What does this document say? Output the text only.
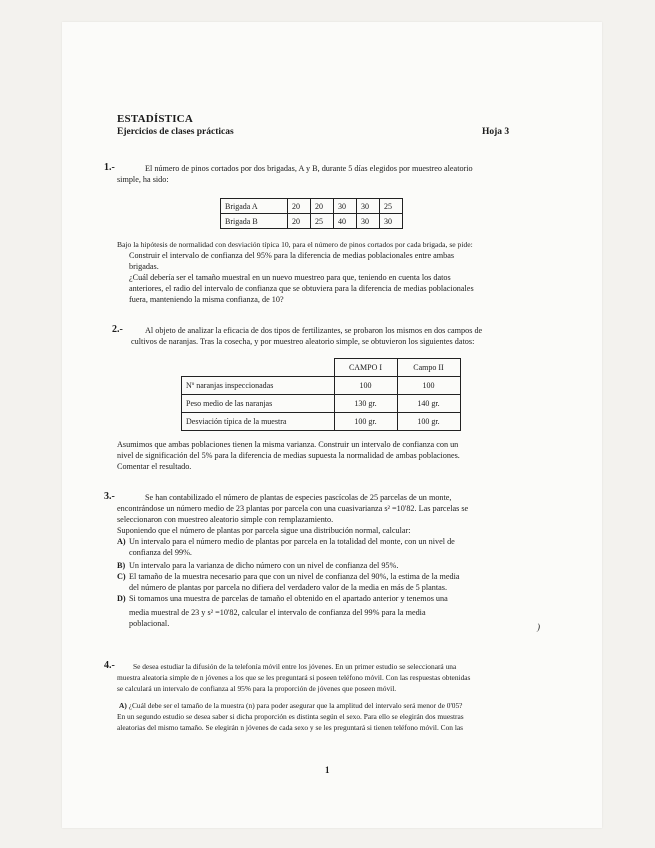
ESTADÍSTICA
Ejercicios de clases prácticas	Hoja 3
1.-	El número de pinos cortados por dos brigadas, A y B, durante 5 días elegidos por muestreo aleatorio
simple, ha sido:
Brigada A	20	20	30	30	25
Brigada B	20	25	40	30	30
Bajo la hipótesis de normalidad con desviación típica 10, para el número de pinos cortados por cada brigada, se pide:
Construir el intervalo de confianza del 95% para la diferencia de medias poblacionales entre ambas
brigadas.
¿Cuál debería ser el tamaño muestral en un nuevo muestreo para que, teniendo en cuenta los datos
anteriores, el radio del intervalo de confianza que se obtuviera para la diferencia de medias poblacionales
fuera, manteniendo la misma confianza, de 10?
2.-	Al objeto de analizar la eficacia de dos tipos de fertilizantes, se probaron los mismos en dos campos de
cultivos de naranjas. Tras la cosecha, y por muestreo aleatorio simple, se obtuvieron los siguientes datos:
	CAMPO I	Campo II
Nº naranjas inspeccionadas	100	100
Peso medio de las naranjas	130 gr.	140 gr.
Desviación típica de la muestra	100 gr.	100 gr.
Asumimos que ambas poblaciones tienen la misma varianza. Construir un intervalo de confianza con un
nivel de significación del 5% para la diferencia de medias supuesta la normalidad de ambas poblaciones.
Comentar el resultado.
3.-	Se han contabilizado el número de plantas de especies pascícolas de 25 parcelas de un monte,
encontrándose un número medio de 23 plantas por parcela con una cuasivarianza s² =10'82. Las parcelas se
seleccionaron con muestreo aleatorio simple con remplazamiento.
Suponiendo que el número de plantas por parcela sigue una distribución normal, calcular:
A) Un intervalo para el número medio de plantas por parcela en la totalidad del monte, con un nivel de
confianza del 99%.
B) Un intervalo para la varianza de dicho número con un nivel de confianza del 95%.
C) El tamaño de la muestra necesario para que con un nivel de confianza del 90%, la estima de la media
del número de plantas por parcela no difiera del verdadero valor de la media en más de 5 plantas.
D) Si tomamos una muestra de parcelas de tamaño el obtenido en el apartado anterior y tenemos una
media muestral de 23 y s² =10'82, calcular el intervalo de confianza del 99% para la media
poblacional.	)
4.- Se desea estudiar la difusión de la telefonía móvil entre los jóvenes. En un primer estudio se seleccionará una
muestra aleatoria simple de n jóvenes a los que se les preguntará si poseen teléfono móvil. Con las respuestas obtenidas
se calculará un intervalo de confianza al 95% para la proporción de jóvenes que poseen móvil.
A) ¿Cuál debe ser el tamaño de la muestra (n) para poder asegurar que la amplitud del intervalo será menor de 0'05?
En un segundo estudio se desea saber si dicha proporción es distinta según el sexo. Para ello se elegirán dos muestras
aleatorias del mismo tamaño. Se elegirán n jóvenes de cada sexo y se les preguntará si tienen teléfono móvil. Con las
1
